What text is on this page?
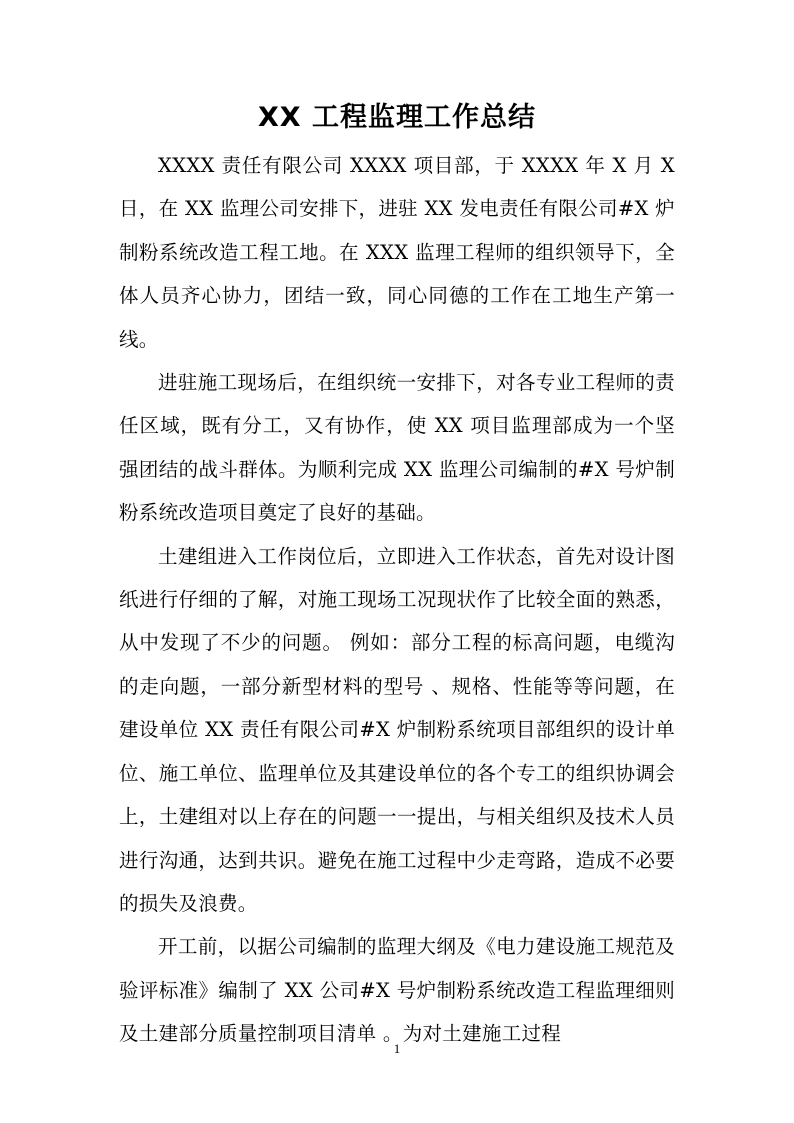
XX 工程监理工作总结

XXXX 责任有限公司 XXXX 项目部，于 XXXX 年 X 月 X 日，在 XX 监理公司安排下，进驻 XX 发电责任有限公司#X 炉制粉系统改造工程工地。在 XXX 监理工程师的组织领导下，全体人员齐心协力，团结一致，同心同德的工作在工地生产第一线。

进驻施工现场后，在组织统一安排下，对各专业工程师的责任区域，既有分工，又有协作，使 XX 项目监理部成为一个坚强团结的战斗群体。为顺利完成 XX 监理公司编制的#X 号炉制粉系统改造项目奠定了良好的基础。

土建组进入工作岗位后，立即进入工作状态，首先对设计图纸进行仔细的了解，对施工现场工况现状作了比较全面的熟悉，从中发现了不少的问题。 例如：部分工程的标高问题，电缆沟的走向题，一部分新型材料的型号 、规格、性能等等问题，在建设单位 XX 责任有限公司#X 炉制粉系统项目部组织的设计单位、施工单位、监理单位及其建设单位的各个专工的组织协调会上，土建组对以上存在的问题一一提出，与相关组织及技术人员进行沟通，达到共识。避免在施工过程中少走弯路，造成不必要的损失及浪费。

开工前，以据公司编制的监理大纲及《电力建设施工规范及验评标准》编制了 XX 公司#X 号炉制粉系统改造工程监理细则及土建部分质量控制项目清单 。为对土建施工过程

1
